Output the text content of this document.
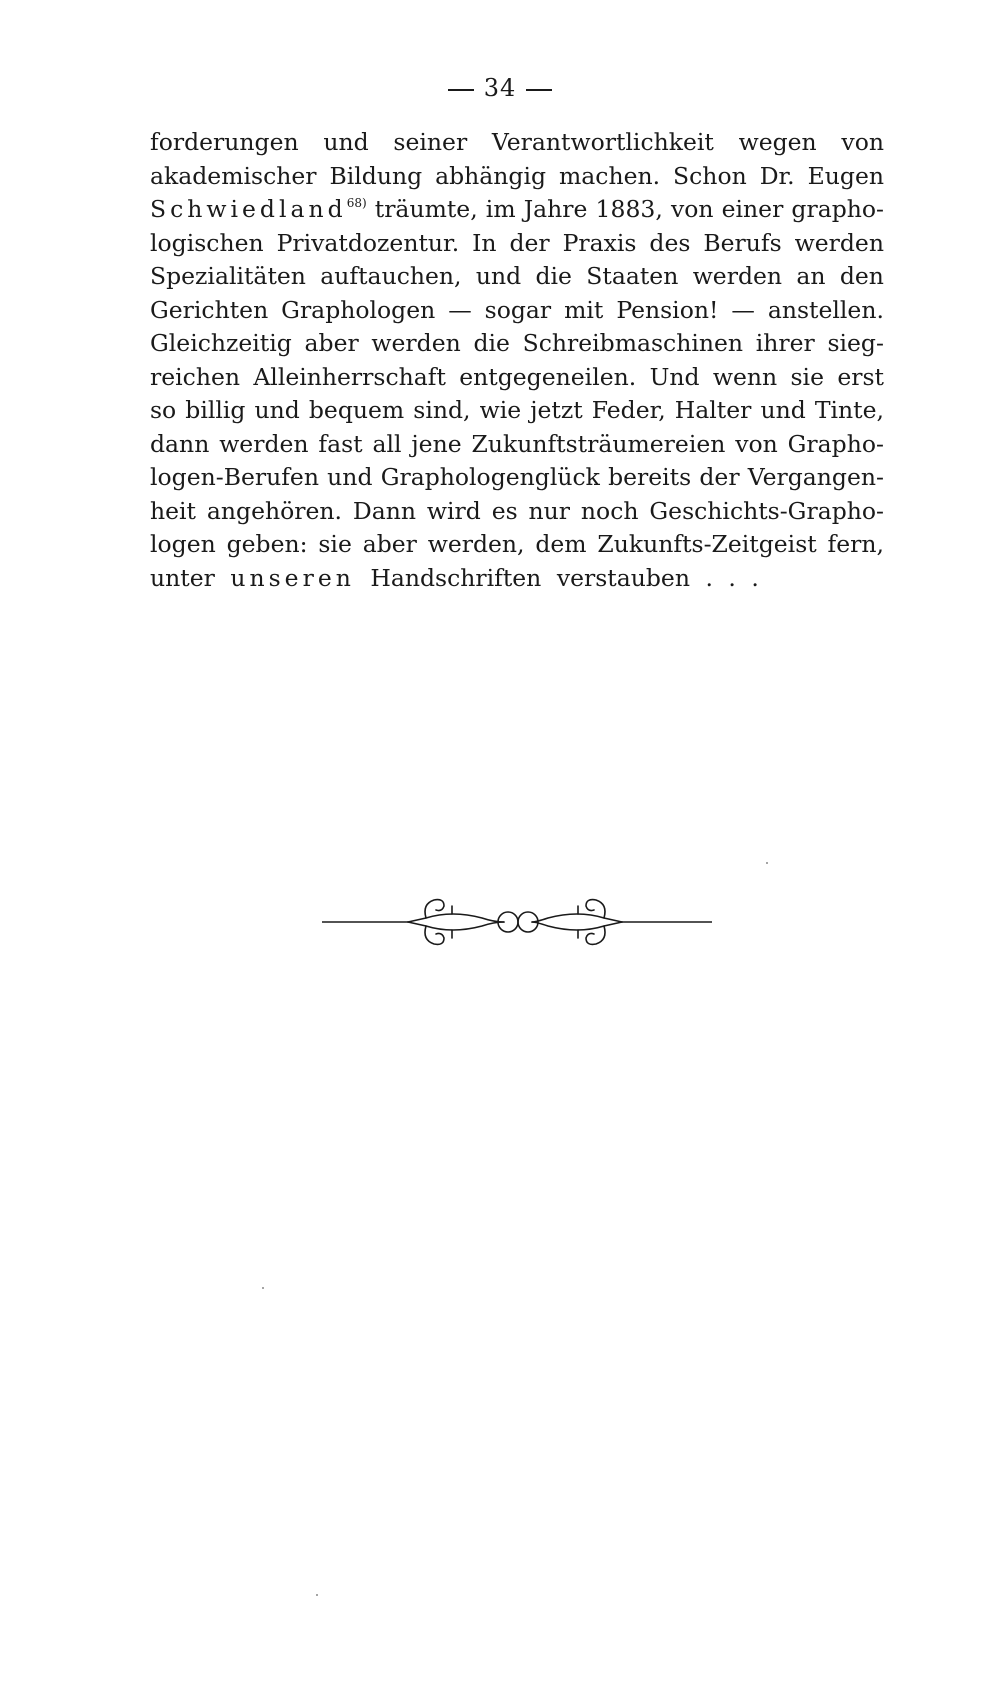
34
forderungen und seiner Verantwortlichkeit wegen von
akademischer Bildung abhängig machen. Schon Dr. Eugen
Schwiedland$^{68)}$ träumte, im Jahre 1883, von einer grapho-
logischen Privatdozentur. In der Praxis des Berufs werden
Spezialitäten auftauchen, und die Staaten werden an den
Gerichten Graphologen — sogar mit Pension! — anstellen.
Gleichzeitig aber werden die Schreibmaschinen ihrer sieg-
reichen Alleinherrschaft entgegeneilen. Und wenn sie erst
so billig und bequem sind, wie jetzt Feder, Halter und Tinte,
dann werden fast all jene Zukunftsträumereien von Grapho-
logen-Berufen und Graphologenglück bereits der Vergangen-
heit angehören. Dann wird es nur noch Geschichts-Grapho-
logen geben: sie aber werden, dem Zukunfts-Zeitgeist fern,
unter
unseren
Handschriften
verstauben
. . .
